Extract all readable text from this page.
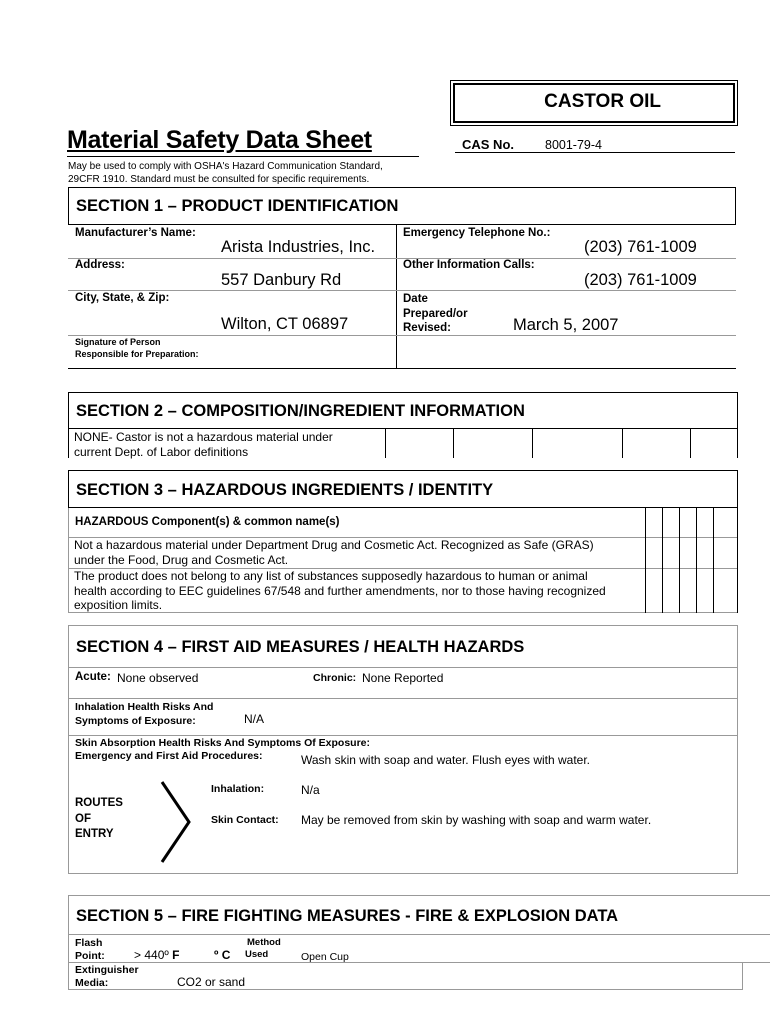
CASTOR OIL
Material Safety Data Sheet	CAS No. 8001-79-4
May be used to comply with OSHA's Hazard Communication Standard,
29CFR 1910. Standard must be consulted for specific requirements.
SECTION 1 – PRODUCT IDENTIFICATION
Manufacturer’s Name:
Arista Industries, Inc.
Emergency Telephone No.:
(203) 761-1009
Address:
557 Danbury Rd
Other Information Calls:
(203) 761-1009
City, State, & Zip:
Wilton, CT 06897
Date
Prepared/or
Revised:	March 5, 2007
Signature of Person
Responsible for Preparation:
SECTION 2 – COMPOSITION/INGREDIENT INFORMATION
NONE- Castor is not a hazardous material under
current Dept. of Labor definitions
SECTION 3 – HAZARDOUS INGREDIENTS / IDENTITY
HAZARDOUS Component(s) & common name(s)
Not a hazardous material under Department Drug and Cosmetic Act. Recognized as Safe (GRAS)
under the Food, Drug and Cosmetic Act.
The product does not belong to any list of substances supposedly hazardous to human or animal
health according to EEC guidelines 67/548 and further amendments, nor to those having recognized
exposition limits.
SECTION 4 – FIRST AID MEASURES / HEALTH HAZARDS
Acute: None observed	Chronic: None Reported
Inhalation Health Risks And
Symptoms of Exposure:	N/A
Skin Absorption Health Risks And Symptoms Of Exposure:
Emergency and First Aid Procedures:	Wash skin with soap and water. Flush eyes with water.
ROUTES
OF
ENTRY
Inhalation:	N/a
Skin Contact: May be removed from skin by washing with soap and warm water.
SECTION 5 – FIRE FIGHTING MEASURES - FIRE & EXPLOSION DATA
Flash
Point: > 440º F	º C
Method
Used	Open Cup
Extinguisher
Media:	CO2 or sand
